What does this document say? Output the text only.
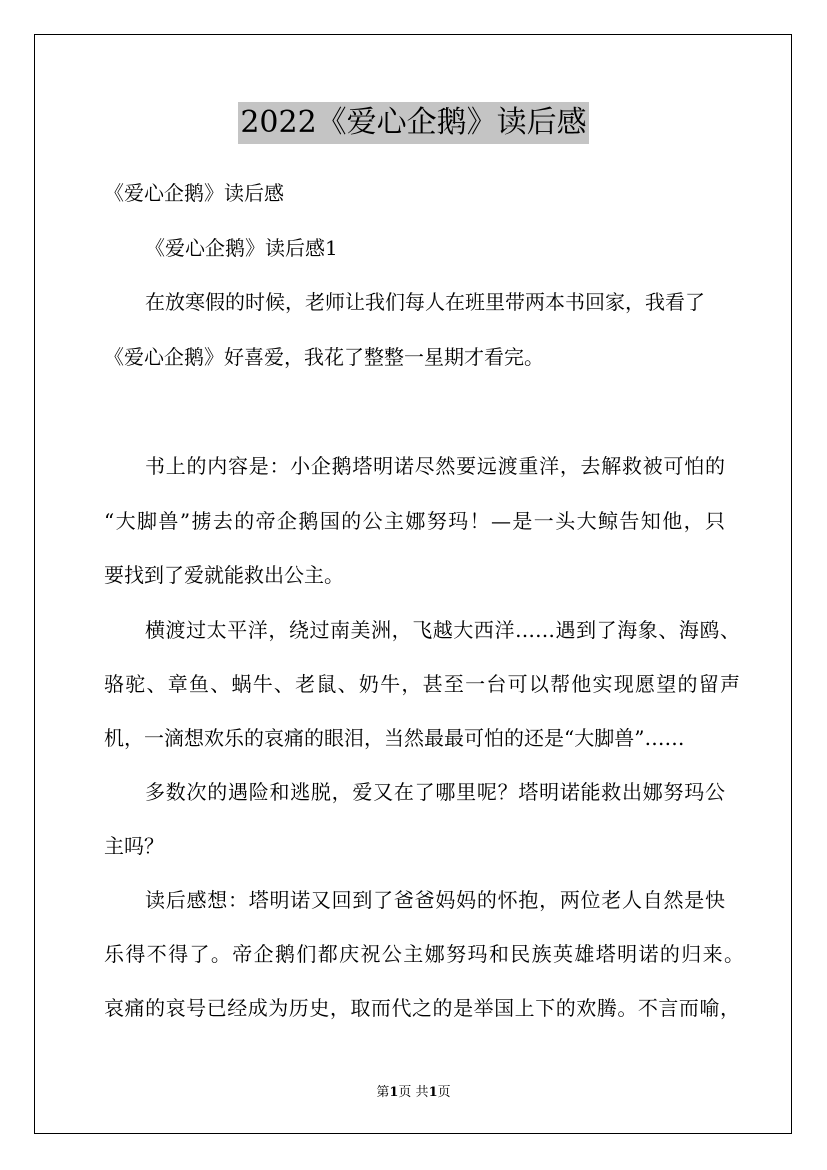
2022《爱心企鹅》读后感
《爱心企鹅》读后感
《爱心企鹅》读后感1
在放寒假的时候，老师让我们每人在班里带两本书回家，我看了
《爱心企鹅》好喜爱，我花了整整一星期才看完。
书上的内容是：小企鹅塔明诺尽然要远渡重洋，去解救被可怕的
“大脚兽”掳去的帝企鹅国的公主娜努玛！—是一头大鲸告知他，只
要找到了爱就能救出公主。
横渡过太平洋，绕过南美洲，飞越大西洋……遇到了海象、海鸥、
骆驼、章鱼、蜗牛、老鼠、奶牛，甚至一台可以帮他实现愿望的留声
机，一滴想欢乐的哀痛的眼泪，当然最最可怕的还是“大脚兽”……
多数次的遇险和逃脱，爱又在了哪里呢？塔明诺能救出娜努玛公
主吗？
读后感想：塔明诺又回到了爸爸妈妈的怀抱，两位老人自然是快
乐得不得了。帝企鹅们都庆祝公主娜努玛和民族英雄塔明诺的归来。
哀痛的哀号已经成为历史，取而代之的是举国上下的欢腾。不言而喻，
第1页 共1页
